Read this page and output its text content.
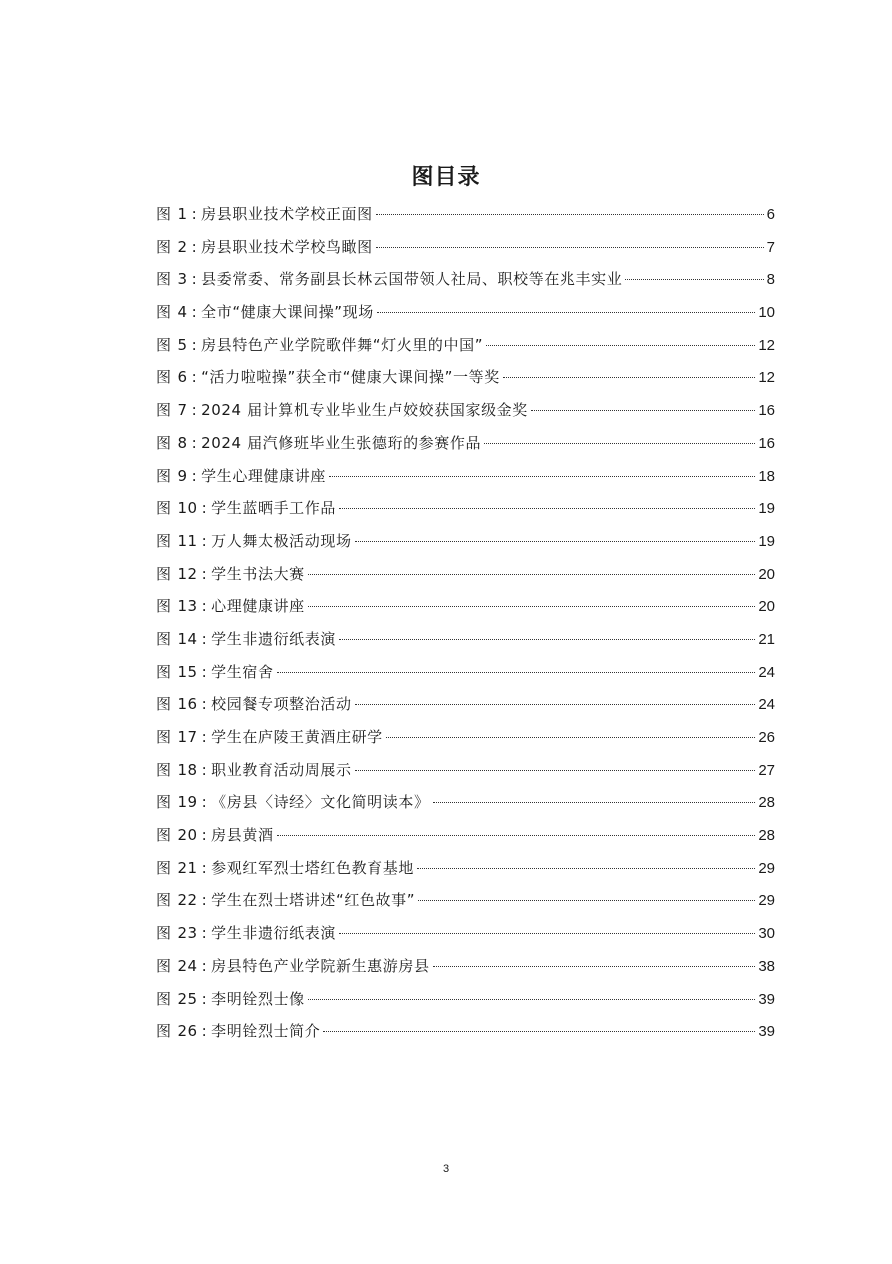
图目录
图 1 : 房县职业技术学校正面图	6
图 2 : 房县职业技术学校鸟瞰图	7
图 3 : 县委常委、常务副县长林云国带领人社局、职校等在兆丰实业	8
图 4 : 全市“健康大课间操”现场	10
图 5 : 房县特色产业学院歌伴舞“灯火里的中国”	12
图 6 : “活力啦啦操”获全市“健康大课间操”一等奖	12
图 7 : 2024 届计算机专业毕业生卢姣姣获国家级金奖	16
图 8 : 2024 届汽修班毕业生张德珩的参赛作品	16
图 9 : 学生心理健康讲座	18
图 10 : 学生蓝晒手工作品	19
图 11 : 万人舞太极活动现场	19
图 12 : 学生书法大赛	20
图 13 : 心理健康讲座	20
图 14 : 学生非遗衍纸表演	21
图 15 : 学生宿舍	24
图 16 : 校园餐专项整治活动	24
图 17 : 学生在庐陵王黄酒庄研学	26
图 18 : 职业教育活动周展示	27
图 19 : 《房县〈诗经〉文化简明读本》	28
图 20 : 房县黄酒	28
图 21 : 参观红军烈士塔红色教育基地	29
图 22 : 学生在烈士塔讲述“红色故事”	29
图 23 : 学生非遗衍纸表演	30
图 24 : 房县特色产业学院新生惠游房县	38
图 25 : 李明铨烈士像	39
图 26 : 李明铨烈士简介	39
3
